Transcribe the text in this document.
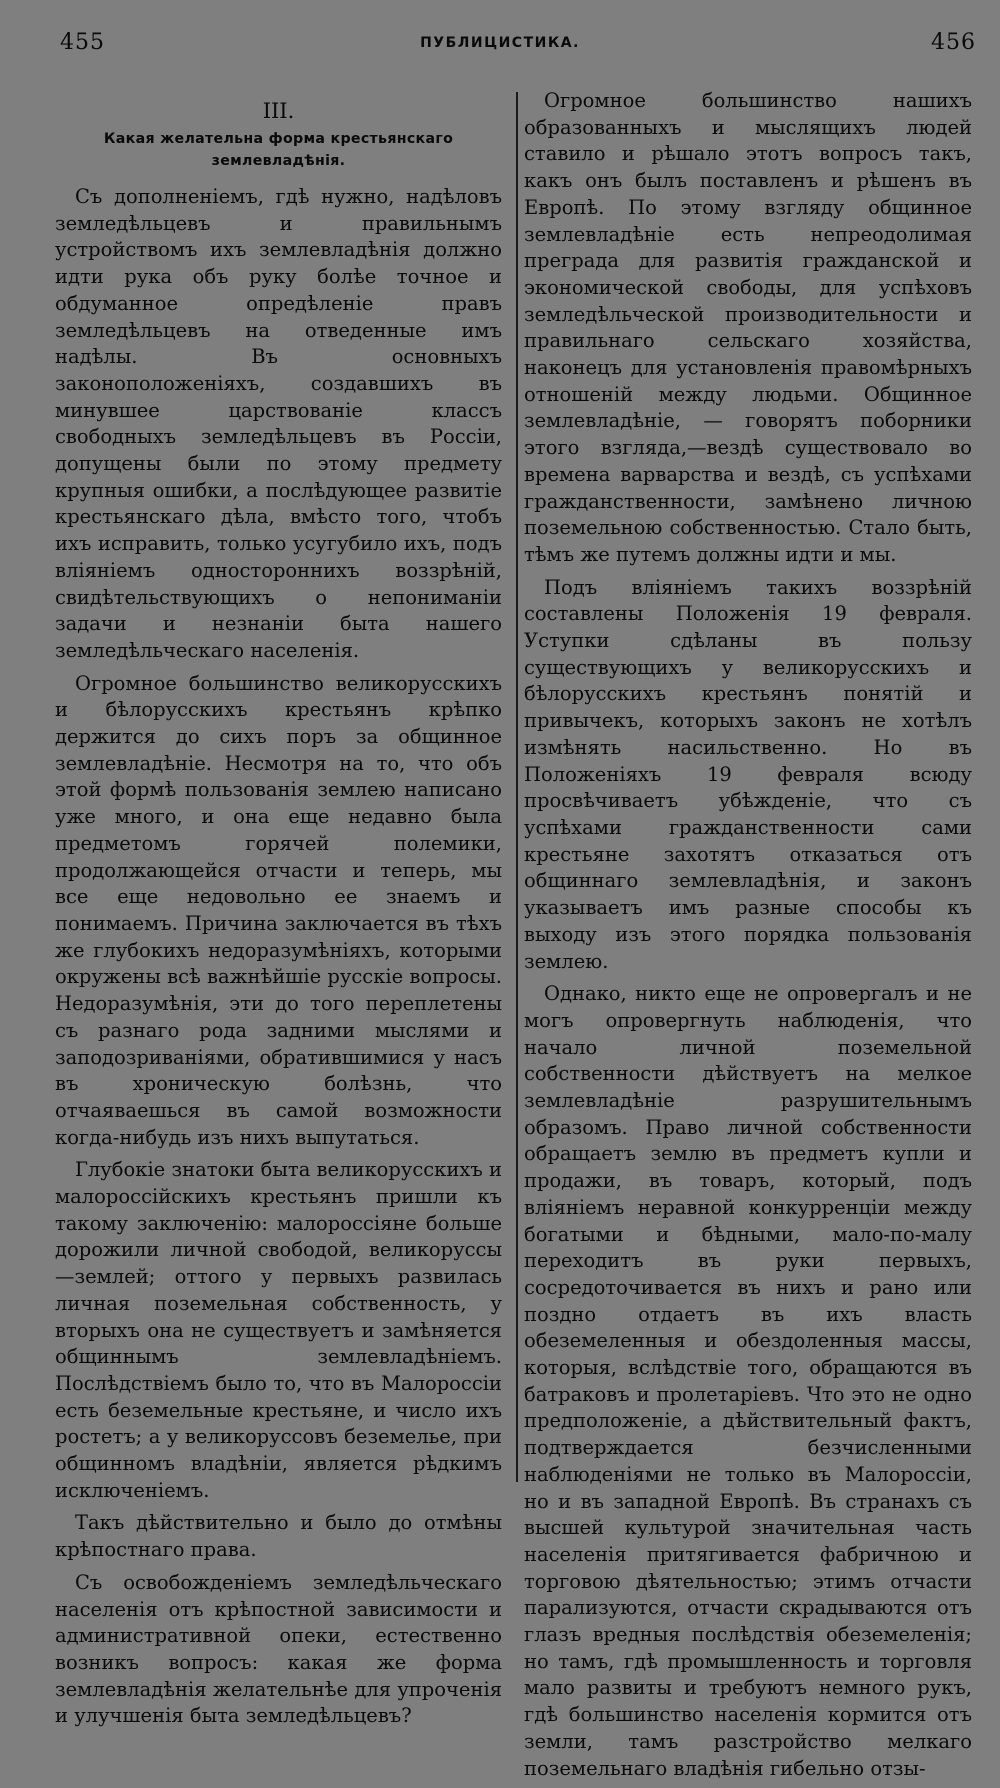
455	ПУБЛИЦИСТИКА.	456
III.
Какая желательна форма крестьянскаго землевладѣнія.

Съ дополненіемъ, гдѣ нужно, надѣловъ земледѣльцевъ и правильнымъ устройствомъ ихъ землевладѣнія должно идти рука объ руку болѣе точное и обдуманное опредѣленіе правъ земледѣльцевъ на отведенные имъ надѣлы. Въ основныхъ законоположеніяхъ, создавшихъ въ минувшее царствованіе классъ свободныхъ земледѣльцевъ въ Россіи, допущены были по этому предмету крупныя ошибки, а послѣдующее развитіе крестьянскаго дѣла, вмѣсто того, чтобъ ихъ исправить, только усугубило ихъ, подъ вліяніемъ одностороннихъ воззрѣній, свидѣтельствующихъ о непониманіи задачи и незнаніи быта нашего земледѣльческаго населенія.

Огромное большинство великорусскихъ и бѣлорусскихъ крестьянъ крѣпко держится до сихъ поръ за общинное землевладѣніе. Несмотря на то, что объ этой формѣ пользованія землею написано уже много, и она еще недавно была предметомъ горячей полемики, продолжающейся отчасти и теперь, мы все еще недовольно ее знаемъ и понимаемъ. Причина заключается въ тѣхъ же глубокихъ недоразумѣніяхъ, которыми окружены всѣ важнѣйшіе русскіе вопросы. Недоразумѣнія, эти до того переплетены съ разнаго рода задними мыслями и заподозриваніями, обратившимися у насъ въ хроническую болѣзнь, что отчаяваешься въ самой возможности когда-нибудь изъ нихъ выпутаться.

Глубокіе знатоки быта великорусскихъ и малороссійскихъ крестьянъ пришли къ такому заключенію: малороссіяне больше дорожили личной свободой, великоруссы—землей; оттого у первыхъ развилась личная поземельная собственность, у вторыхъ она не существуетъ и замѣняется общиннымъ землевладѣніемъ. Послѣдствіемъ было то, что въ Малороссіи есть беземельные крестьяне, и число ихъ ростетъ; а у великоруссовъ беземелье, при общинномъ владѣніи, является рѣдкимъ исключеніемъ.

Такъ дѣйствительно и было до отмѣны крѣпостнаго права.

Съ освобожденіемъ земледѣльческаго населенія отъ крѣпостной зависимости и административной опеки, естественно возникъ вопросъ: какая же форма землевладѣнія желательнѣе для упроченія и улучшенія быта земледѣльцевъ?

Огромное большинство нашихъ образованныхъ и мыслящихъ людей ставило и рѣшало этотъ вопросъ такъ, какъ онъ былъ поставленъ и рѣшенъ въ Европѣ. По этому взгляду общинное землевладѣніе есть непреодолимая преграда для развитія гражданской и экономической свободы, для успѣховъ земледѣльческой производительности и правильнаго сельскаго хозяйства, наконецъ для установленія правомѣрныхъ отношеній между людьми. Общинное землевладѣніе, — говорятъ поборники этого взгляда,—вездѣ существовало во времена варварства и вездѣ, съ успѣхами гражданственности, замѣнено личною поземельною собственностью. Стало быть, тѣмъ же путемъ должны идти и мы.

Подъ вліяніемъ такихъ воззрѣній составлены Положенія 19 февраля. Уступки сдѣланы въ пользу существующихъ у великорусскихъ и бѣлорусскихъ крестьянъ понятій и привычекъ, которыхъ законъ не хотѣлъ измѣнять насильственно. Но въ Положеніяхъ 19 февраля всюду просвѣчиваетъ убѣжденіе, что съ успѣхами гражданственности сами крестьяне захотятъ отказаться отъ общиннаго землевладѣнія, и законъ указываетъ имъ разные способы къ выходу изъ этого порядка пользованія землею.

Однако, никто еще не опровергалъ и не могъ опровергнуть наблюденія, что начало личной поземельной собственности дѣйствуетъ на мелкое землевладѣніе разрушительнымъ образомъ. Право личной собственности обращаетъ землю въ предметъ купли и продажи, въ товаръ, который, подъ вліяніемъ неравной конкурренціи между богатыми и бѣдными, мало-по-малу переходитъ въ руки первыхъ, сосредоточивается въ нихъ и рано или поздно отдаетъ въ ихъ власть обеземеленныя и обездоленныя массы, которыя, вслѣдствіе того, обращаются въ батраковъ и пролетаріевъ. Что это не одно предположеніе, а дѣйствительный фактъ, подтверждается безчисленными наблюденіями не только въ Малороссіи, но и въ западной Европѣ. Въ странахъ съ высшей культурой значительная часть населенія притягивается фабричною и торговою дѣятельностью; этимъ отчасти парализуются, отчасти скрадываются отъ глазъ вредныя послѣдствія обеземеленія; но тамъ, гдѣ промышленность и торговля мало развиты и требуютъ немного рукъ, гдѣ большинство населенія кормится отъ земли, тамъ разстройство мелкаго поземельнаго владѣнія гибельно отзы-
